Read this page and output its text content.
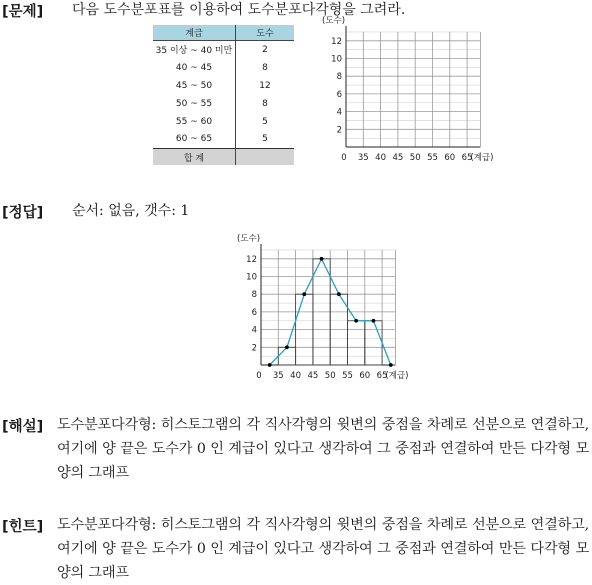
[문제] 다음 도수분포표를 이용하여 도수분포다각형을 그려라.
계급	도수
35 이상 ~ 40 미만	2
40 ~ 45	8
45 ~ 50	12
50 ~ 55	8
55 ~ 60	5
60 ~ 65	5
합 계	
2
4
6
8
10
12
(도수)
0 35 40 45 50 55 60 65
(계급)
[정답] 순서: 없음, 갯수: 1
2
4
6
8
10
12
(도수)
0 35 40 45 50 55 60 65
(계급)
[해설] 도수분포다각형: 히스토그램의 각 직사각형의 윗변의 중점을 차례로 선분으로 연결하고, 여기에 양 끝은 도수가 0 인 계급이 있다고 생각하여 그 중점과 연결하여 만든 다각형 모양의 그래프
[힌트] 도수분포다각형: 히스토그램의 각 직사각형의 윗변의 중점을 차례로 선분으로 연결하고, 여기에 양 끝은 도수가 0 인 계급이 있다고 생각하여 그 중점과 연결하여 만든 다각형 모양의 그래프
